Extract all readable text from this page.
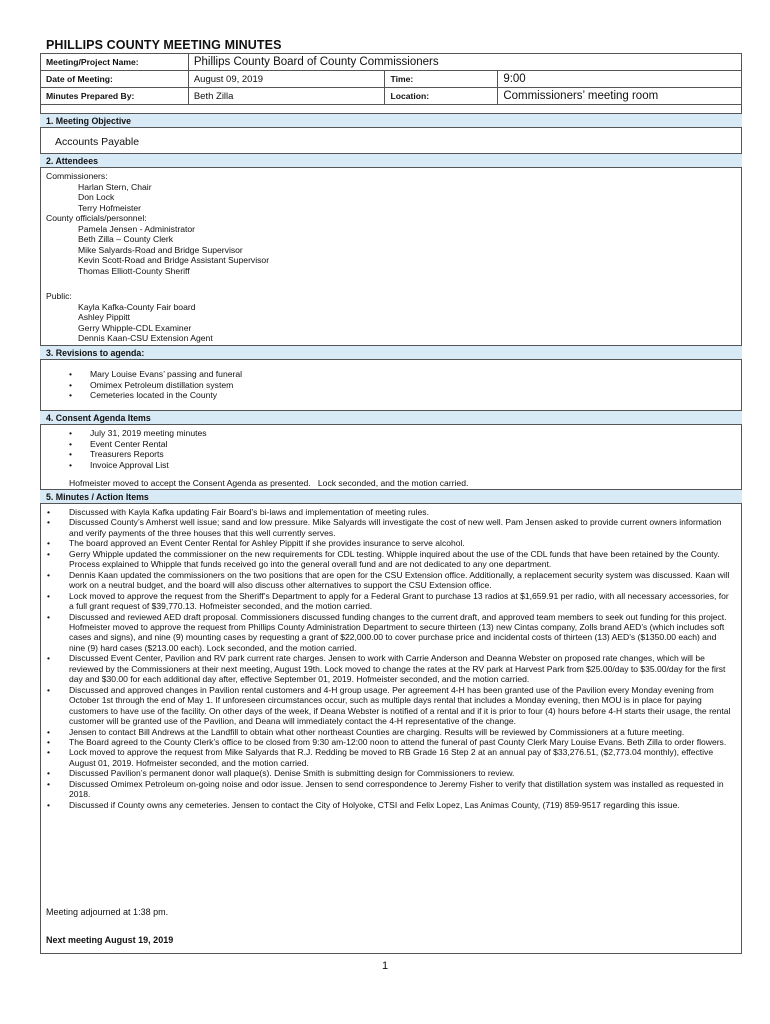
PHILLIPS COUNTY MEETING MINUTES
Meeting/Project Name:	Phillips County Board of County Commissioners		
Date of Meeting:	August 09, 2019	Time:	9:00
Minutes Prepared By:	Beth Zilla	Location:	Commissioners’ meeting room
1. Meeting Objective
Accounts Payable
2. Attendees
Commissioners:
Harlan Stern, Chair
Don Lock
Terry Hofmeister
County officials/personnel:
Pamela Jensen - Administrator
Beth Zilla – County Clerk
Mike Salyards-Road and Bridge Supervisor
Kevin Scott-Road and Bridge Assistant Supervisor
Thomas Elliott-County Sheriff
Public:
Kayla Kafka-County Fair board
Ashley Pippitt
Gerry Whipple-CDL Examiner
Dennis Kaan-CSU Extension Agent
3. Revisions to agenda:
• Mary Louise Evans’ passing and funeral
• Omimex Petroleum distillation system
• Cemeteries located in the County
4. Consent Agenda Items
• July 31, 2019 meeting minutes
• Event Center Rental
• Treasurers Reports
• Invoice Approval List
Hofmeister moved to accept the Consent Agenda as presented.   Lock seconded, and the motion carried.
5. Minutes / Action Items
• Discussed with Kayla Kafka updating Fair Board’s bi-laws and implementation of meeting rules.
• Discussed County’s Amherst well issue; sand and low pressure. Mike Salyards will investigate the cost of new well. Pam Jensen asked to provide current owners information and verify payments of the three houses that this well currently serves.
• The board approved an Event Center Rental for Ashley Pippitt if she provides insurance to serve alcohol.
• Gerry Whipple updated the commissioner on the new requirements for CDL testing. Whipple inquired about the use of the CDL funds that have been retained by the County. Process explained to Whipple that funds received go into the general overall fund and are not dedicated to any one department.
• Dennis Kaan updated the commissioners on the two positions that are open for the CSU Extension office. Additionally, a replacement security system was discussed. Kaan will work on a neutral budget, and the board will also discuss other alternatives to support the CSU Extension office.
• Lock moved to approve the request from the Sheriff’s Department to apply for a Federal Grant to purchase 13 radios at $1,659.91 per radio, with all necessary accessories, for a full grant request of $39,770.13. Hofmeister seconded, and the motion carried.
• Discussed and reviewed AED draft proposal. Commissioners discussed funding changes to the current draft, and approved team members to seek out funding for this project. Hofmeister moved to approve the request from Phillips County Administration Department to secure thirteen (13) new Cintas company, Zolls brand AED’s (which includes soft cases and signs), and nine (9) mounting cases by requesting a grant of $22,000.00 to cover purchase price and incidental costs of thirteen (13) AED’s ($1350.00 each) and nine (9) hard cases ($213.00 each). Lock seconded, and the motion carried.
• Discussed Event Center, Pavilion and RV park current rate charges. Jensen to work with Carrie Anderson and Deanna Webster on proposed rate changes, which will be reviewed by the Commissioners at their next meeting, August 19th. Lock moved to change the rates at the RV park at Harvest Park from $25.00/day to $35.00/day for the first day and $30.00 for each additional day after, effective September 01, 2019. Hofmeister seconded, and the motion carried.
• Discussed and approved changes in Pavilion rental customers and 4-H group usage. Per agreement 4-H has been granted use of the Pavilion every Monday evening from October 1st through the end of May 1. If unforeseen circumstances occur, such as multiple days rental that includes a Monday evening, then MOU is in place for paying customers to have use of the facility. On other days of the week, if Deana Webster is notified of a rental and if it is prior to four (4) hours before 4-H starts their usage, the rental customer will be granted use of the Pavilion, and Deana will immediately contact the 4-H representative of the change.
• Jensen to contact Bill Andrews at the Landfill to obtain what other northeast Counties are charging. Results will be reviewed by Commissioners at a future meeting.
• The Board agreed to the County Clerk’s office to be closed from 9:30 am-12:00 noon to attend the funeral of past County Clerk Mary Louise Evans. Beth Zilla to order flowers.
• Lock moved to approve the request from Mike Salyards that R.J. Redding be moved to RB Grade 16 Step 2 at an annual pay of $33,276.51, ($2,773.04 monthly), effective August 01, 2019. Hofmeister seconded, and the motion carried.
• Discussed Pavilion’s permanent donor wall plaque(s). Denise Smith is submitting design for Commissioners to review.
• Discussed Omimex Petroleum on-going noise and odor issue. Jensen to send correspondence to Jeremy Fisher to verify that distillation system was installed as requested in 2018.
• Discussed if County owns any cemeteries. Jensen to contact the City of Holyoke, CTSI and Felix Lopez, Las Animas County, (719) 859-9517 regarding this issue.
Meeting adjourned at 1:38 pm.
Next meeting August 19, 2019
1
